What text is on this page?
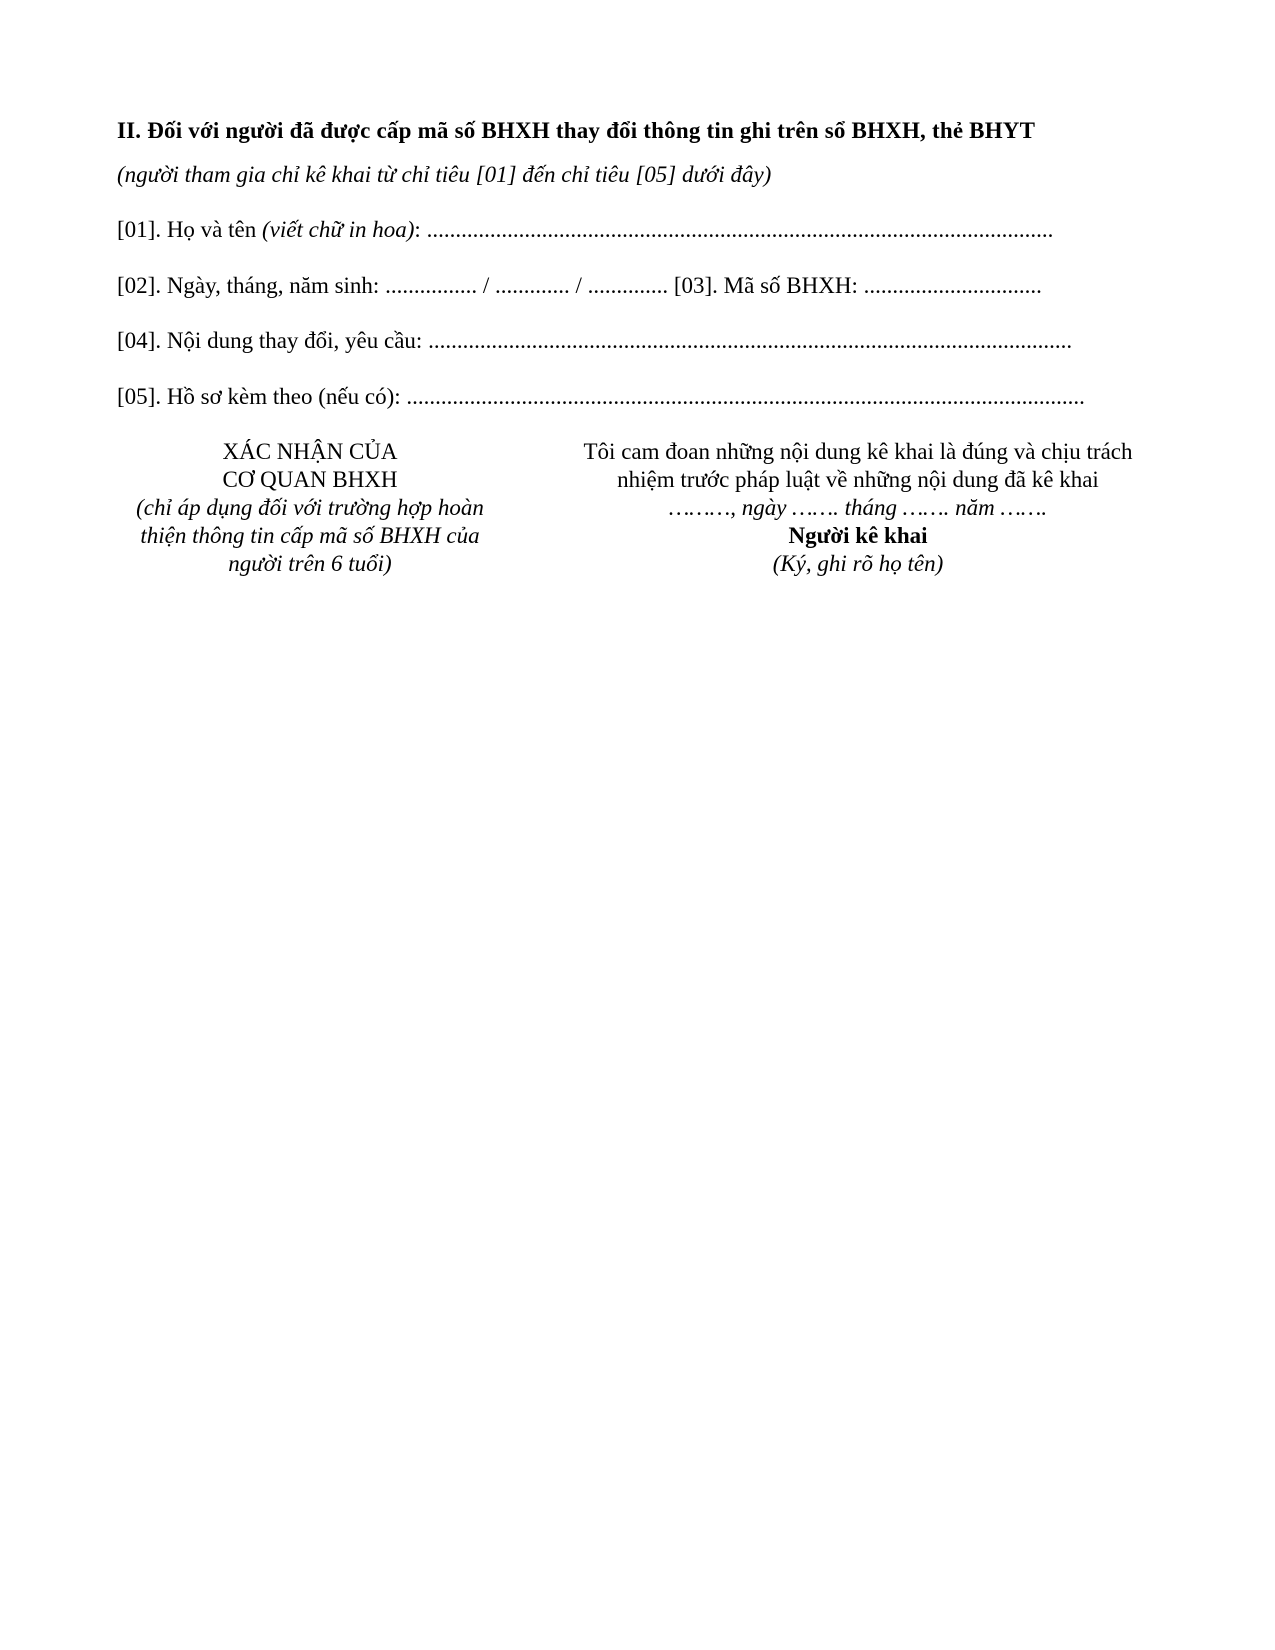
II. Đối với người đã được cấp mã số BHXH thay đổi thông tin ghi trên sổ BHXH, thẻ BHYT
(người tham gia chỉ kê khai từ chỉ tiêu [01] đến chỉ tiêu [05] dưới đây)
[01]. Họ và tên (viết chữ in hoa): .............................................................................................................
[02]. Ngày, tháng, năm sinh: ................ / ............. / .............. [03]. Mã số BHXH: ...............................
[04]. Nội dung thay đổi, yêu cầu: ................................................................................................................
[05]. Hồ sơ kèm theo (nếu có): ......................................................................................................................
XÁC NHẬN CỦA
CƠ QUAN BHXH
(chỉ áp dụng đối với trường hợp hoàn
thiện thông tin cấp mã số BHXH của
người trên 6 tuổi)
Tôi cam đoan những nội dung kê khai là đúng và chịu trách
nhiệm trước pháp luật về những nội dung đã kê khai
………, ngày ……. tháng ……. năm …….
Người kê khai
(Ký, ghi rõ họ tên)
